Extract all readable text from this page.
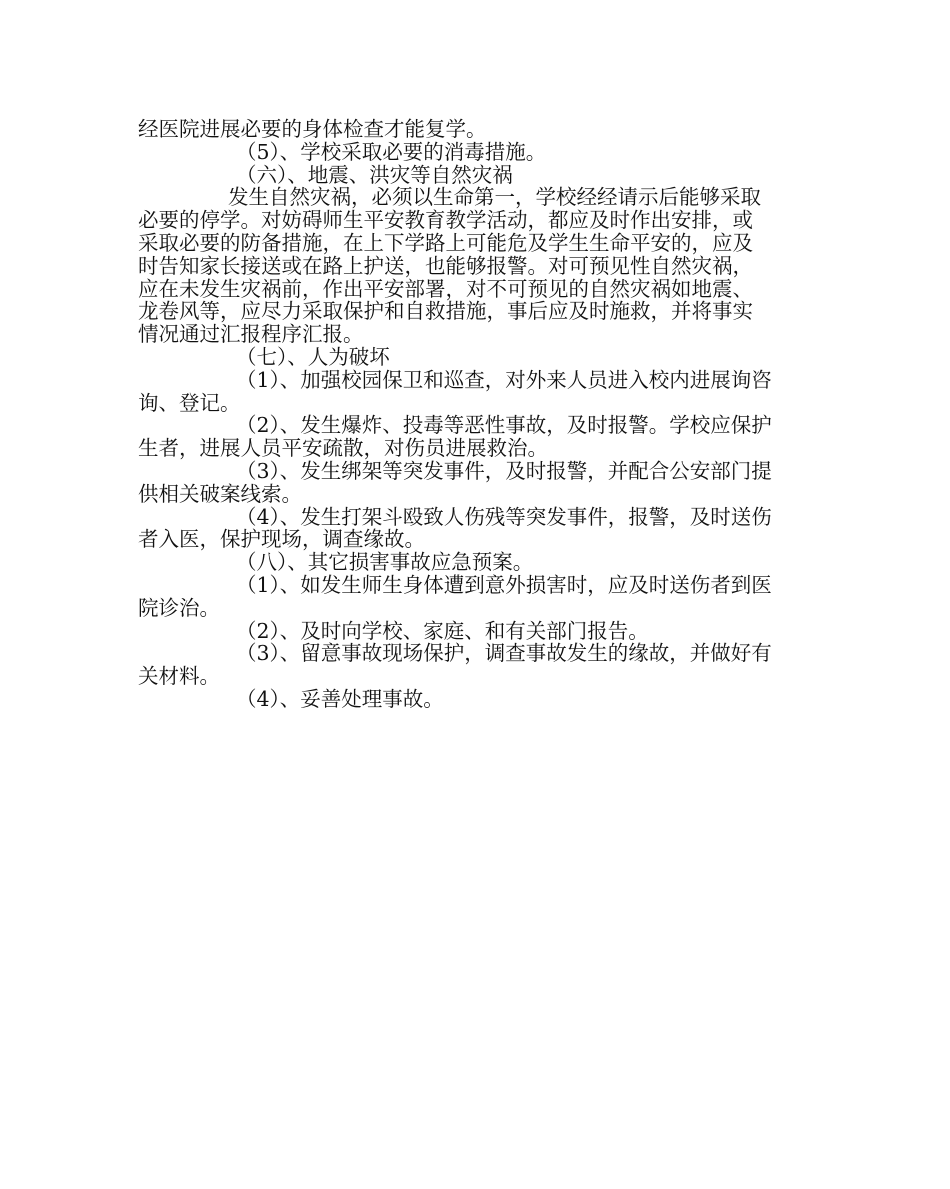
经医院进展必要的身体检查才能复学。

（5）、学校采取必要的消毒措施。

（六）、地震、洪灾等自然灾祸

发生自然灾祸，必须以生命第一，学校经经请示后能够采取

必要的停学。对妨碍师生平安教育教学活动，都应及时作出安排，或

采取必要的防备措施，在上下学路上可能危及学生生命平安的，应及

时告知家长接送或在路上护送，也能够报警。对可预见性自然灾祸，

应在未发生灾祸前，作出平安部署，对不可预见的自然灾祸如地震、

龙卷风等，应尽力采取保护和自救措施，事后应及时施救，并将事实

情况通过汇报程序汇报。

（七）、人为破坏

（1）、加强校园保卫和巡查，对外来人员进入校内进展询咨

询、登记。

（2）、发生爆炸、投毒等恶性事故，及时报警。学校应保护

生者，进展人员平安疏散，对伤员进展救治。

（3）、发生绑架等突发事件，及时报警，并配合公安部门提

供相关破案线索。

（4）、发生打架斗殴致人伤残等突发事件，报警，及时送伤

者入医，保护现场，调查缘故。

（八）、其它损害事故应急预案。

（1）、如发生师生身体遭到意外损害时，应及时送伤者到医

院诊治。

（2）、及时向学校、家庭、和有关部门报告。

（3）、留意事故现场保护，调查事故发生的缘故，并做好有

关材料。

（4）、妥善处理事故。
